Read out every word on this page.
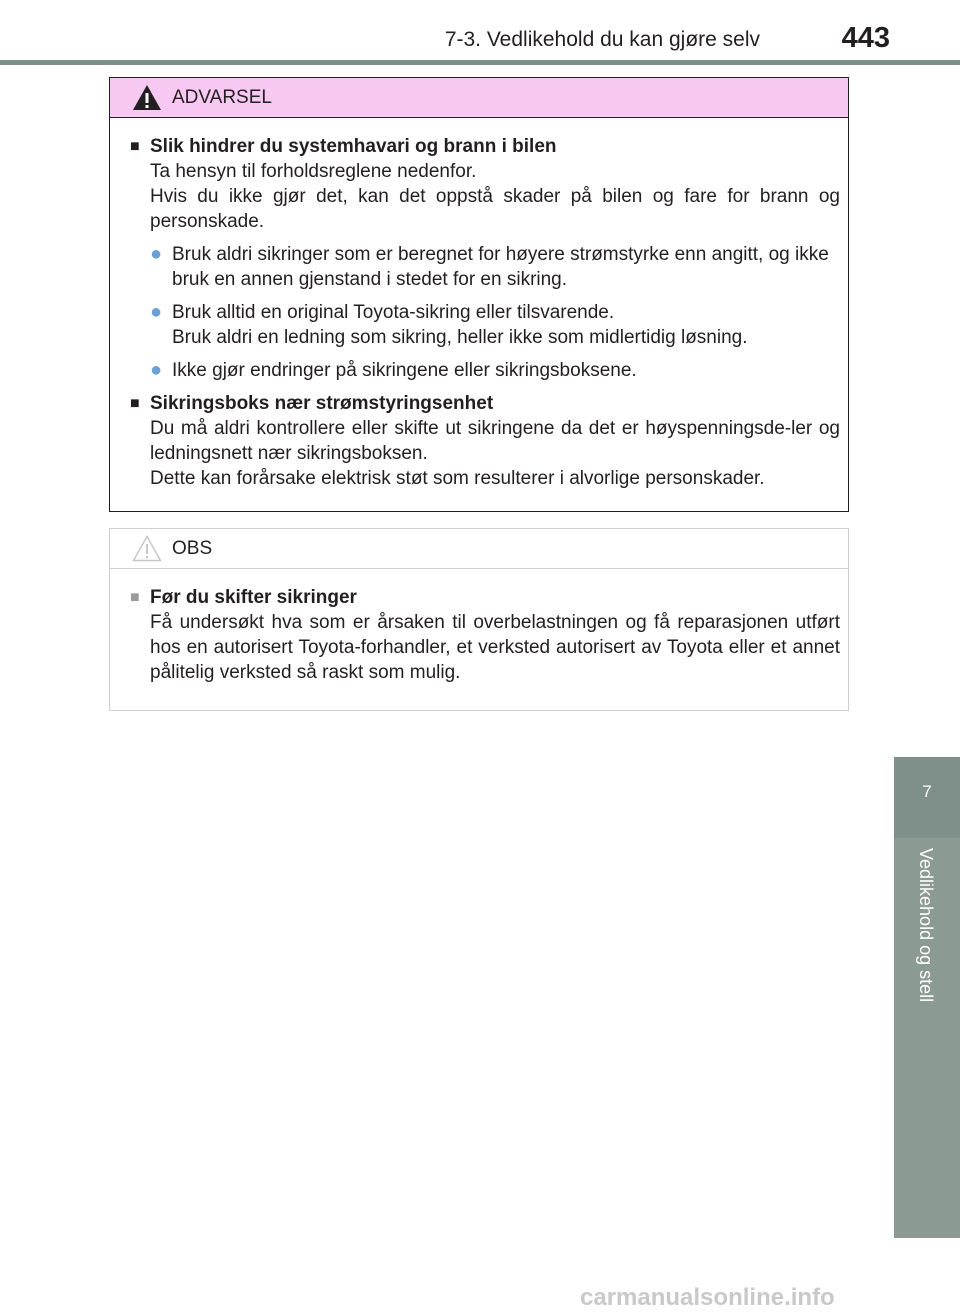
7-3. Vedlikehold du kan gjøre selv	443
7
Vedlikehold og stell
ADVARSEL
■ Slik hindrer du systemhavari og brann i bilen
Ta hensyn til forholdsreglene nedenfor.
Hvis du ikke gjør det, kan det oppstå skader på bilen og fare for brann og personskade.
● Bruk aldri sikringer som er beregnet for høyere strømstyrke enn angitt, og ikke bruk en annen gjenstand i stedet for en sikring.
● Bruk alltid en original Toyota-sikring eller tilsvarende.
Bruk aldri en ledning som sikring, heller ikke som midlertidig løsning.
● Ikke gjør endringer på sikringene eller sikringsboksene.
■ Sikringsboks nær strømstyringsenhet
Du må aldri kontrollere eller skifte ut sikringene da det er høyspenningsde-ler og ledningsnett nær sikringsboksen.
Dette kan forårsake elektrisk støt som resulterer i alvorlige personskader.
OBS
■ Før du skifter sikringer
Få undersøkt hva som er årsaken til overbelastningen og få reparasjonen utført hos en autorisert Toyota-forhandler, et verksted autorisert av Toyota eller et annet pålitelig verksted så raskt som mulig.
carmanualsonline.info
